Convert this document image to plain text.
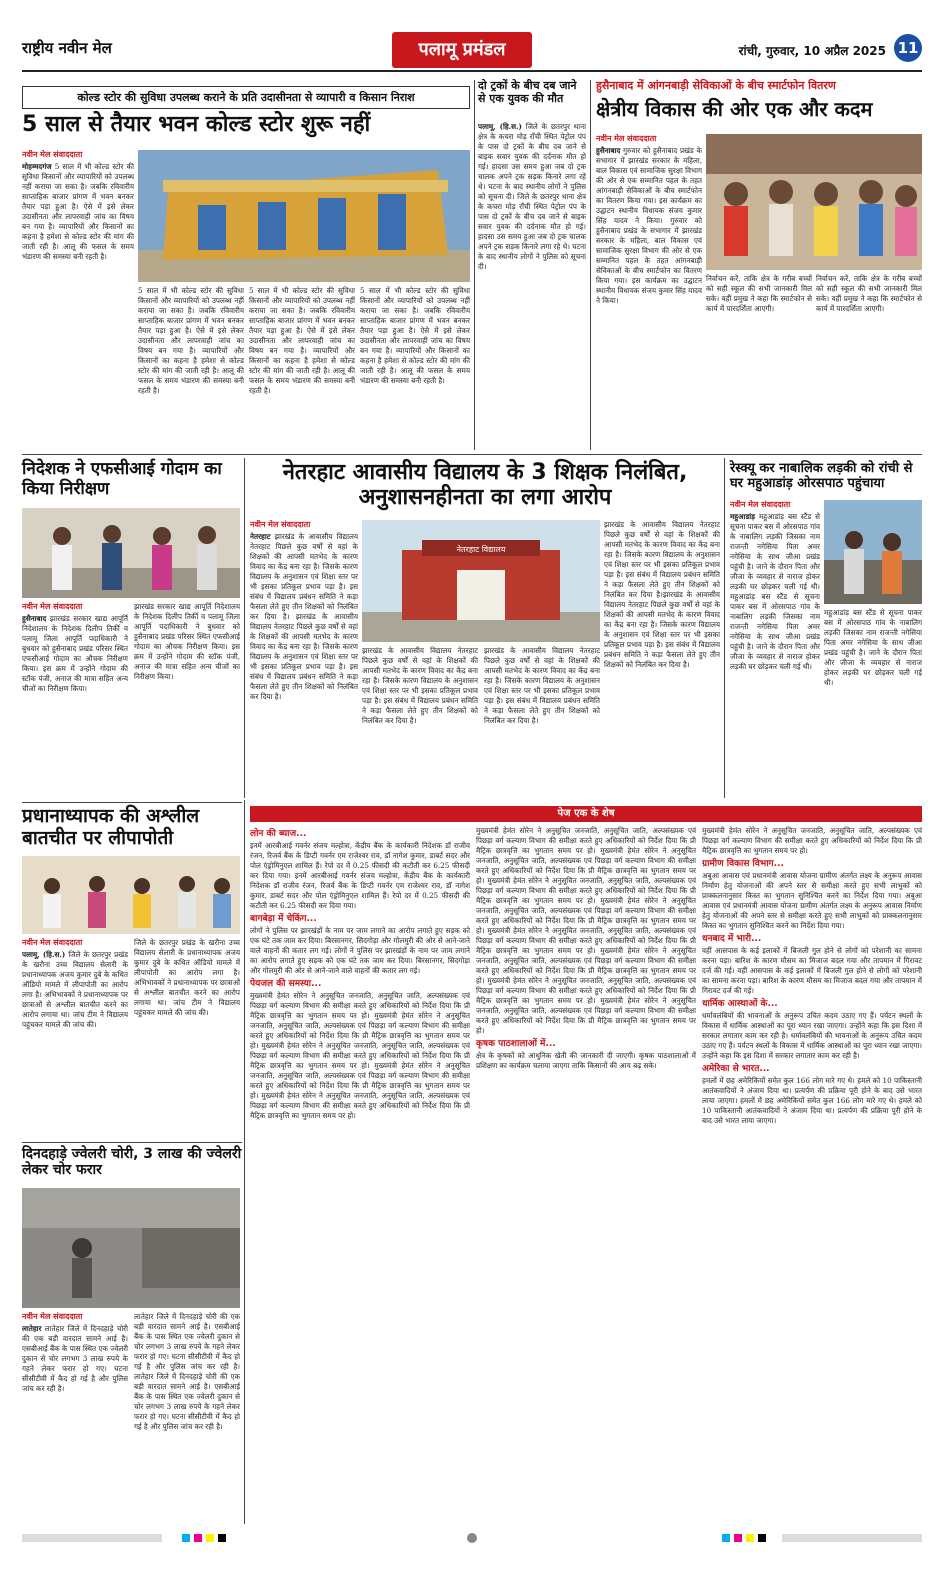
राष्ट्रीय नवीन मेल	पलामू प्रमंडल	रांची, गुरुवार, 10 अप्रैल 2025 11
कोल्ड स्टोर की सुविधा उपलब्ध कराने के प्रति उदासीनता से व्यापारी व किसान निराश
5 साल से तैयार भवन कोल्ड स्टोर शुरू नहीं
नवीन मेल संवाददाता
मोहम्मदगंज 5 साल में भी कोल्ड स्टोर की सुविधा किसानों और व्यापारियों को उपलब्ध नहीं कराया जा सका है। जबकि रविवारीय साप्ताहिक बाजार प्रांगण में भवन बनकर तैयार पड़ा हुआ है। ऐसे में इसे लेकर उदासीनता और लापरवाही जांच का विषय बन गया है। व्यापारियों और किसानों का कहना है हमेशा से कोल्ड स्टोर की मांग की जाती रही है। आलू की फसल के समय भंडारण की समस्या बनी रहती है।
5 साल में भी कोल्ड स्टोर की सुविधा किसानों और व्यापारियों को उपलब्ध नहीं कराया जा सका है। जबकि रविवारीय साप्ताहिक बाजार प्रांगण में भवन बनकर तैयार पड़ा हुआ है। ऐसे में इसे लेकर उदासीनता और लापरवाही जांच का विषय बन गया है। व्यापारियों और किसानों का कहना है हमेशा से कोल्ड स्टोर की मांग की जाती रही है। आलू की फसल के समय भंडारण की समस्या बनी रहती है।
5 साल में भी कोल्ड स्टोर की सुविधा किसानों और व्यापारियों को उपलब्ध नहीं कराया जा सका है। जबकि रविवारीय साप्ताहिक बाजार प्रांगण में भवन बनकर तैयार पड़ा हुआ है। ऐसे में इसे लेकर उदासीनता और लापरवाही जांच का विषय बन गया है। व्यापारियों और किसानों का कहना है हमेशा से कोल्ड स्टोर की मांग की जाती रही है। आलू की फसल के समय भंडारण की समस्या बनी रहती है।
5 साल में भी कोल्ड स्टोर की सुविधा किसानों और व्यापारियों को उपलब्ध नहीं कराया जा सका है। जबकि रविवारीय साप्ताहिक बाजार प्रांगण में भवन बनकर तैयार पड़ा हुआ है। ऐसे में इसे लेकर उदासीनता और लापरवाही जांच का विषय बन गया है। व्यापारियों और किसानों का कहना है हमेशा से कोल्ड स्टोर की मांग की जाती रही है। आलू की फसल के समय भंडारण की समस्या बनी रहती है।
दो ट्रकों के बीच दब जाने से एक युवक की मौत
पलामू, (हि.स.) जिले के छतरपुर थाना क्षेत्र के कचरा मोड़ राँची स्थित पेट्रोल पंप के पास दो ट्रकों के बीच दब जाने से बाइक सवार युवक की दर्दनाक मौत हो गई। हादसा उस समय हुआ जब दो ट्रक चालक अपने ट्रक सड़क किनारे लगा रहे थे। घटना के बाद स्थानीय लोगों ने पुलिस को सूचना दी। जिले के छतरपुर थाना क्षेत्र के कचरा मोड़ राँची स्थित पेट्रोल पंप के पास दो ट्रकों के बीच दब जाने से बाइक सवार युवक की दर्दनाक मौत हो गई। हादसा उस समय हुआ जब दो ट्रक चालक अपने ट्रक सड़क किनारे लगा रहे थे। घटना के बाद स्थानीय लोगों ने पुलिस को सूचना दी।
हुसैनाबाद में आंगनबाड़ी सेविकाओं के बीच स्मार्टफोन वितरण
क्षेत्रीय विकास की ओर एक और कदम
नवीन मेल संवाददाता
हुसैनाबाद गुरुवार को हुसैनाबाद प्रखंड के सभागार में झारखंड सरकार के महिला, बाल विकास एवं सामाजिक सुरक्षा विभाग की ओर से एक सम्मानित पहल के तहत आंगनबाड़ी सेविकाओं के बीच स्मार्टफोन का वितरण किया गया। इस कार्यक्रम का उद्घाटन स्थानीय विधायक संजय कुमार सिंह यादव ने किया। गुरुवार को हुसैनाबाद प्रखंड के सभागार में झारखंड सरकार के महिला, बाल विकास एवं सामाजिक सुरक्षा विभाग की ओर से एक सम्मानित पहल के तहत आंगनबाड़ी सेविकाओं के बीच स्मार्टफोन का वितरण किया गया। इस कार्यक्रम का उद्घाटन स्थानीय विधायक संजय कुमार सिंह यादव ने किया।
निर्वाचन करें, ताकि क्षेत्र के गरीब बच्चों को सही स्कूल की सभी जानकारी मिल सके। वहीं प्रमुख ने कहा कि स्मार्टफोन से कार्य में पारदर्शिता आएगी।
निर्वाचन करें, ताकि क्षेत्र के गरीब बच्चों को सही स्कूल की सभी जानकारी मिल सके। वहीं प्रमुख ने कहा कि स्मार्टफोन से कार्य में पारदर्शिता आएगी।
निदेशक ने एफसीआई गोदाम का किया निरीक्षण
नवीन मेल संवाददाता
हुसैनाबाद झारखंड सरकार खाद्य आपूर्ति निदेशालय के निदेशक दिलीप तिर्की व पलामू जिला आपूर्ति पदाधिकारी ने बुधवार को हुसैनाबाद प्रखंड परिसर स्थित एफसीआई गोदाम का औचक निरीक्षण किया। इस क्रम में उन्होंने गोदाम की स्टॉक पंजी, अनाज की मात्रा सहित अन्य चीजों का निरीक्षण किया।
झारखंड सरकार खाद्य आपूर्ति निदेशालय के निदेशक दिलीप तिर्की व पलामू जिला आपूर्ति पदाधिकारी ने बुधवार को हुसैनाबाद प्रखंड परिसर स्थित एफसीआई गोदाम का औचक निरीक्षण किया। इस क्रम में उन्होंने गोदाम की स्टॉक पंजी, अनाज की मात्रा सहित अन्य चीजों का निरीक्षण किया।
नेतरहाट आवासीय विद्यालय के 3 शिक्षक निलंबित, अनुशासनहीनता का लगा आरोप
नवीन मेल संवाददाता
नेतरहाट झारखंड के आवासीय विद्यालय नेतरहाट पिछले कुछ वर्षों से वहां के शिक्षकों की आपसी मतभेद के कारण विवाद का केंद्र बना रहा है। जिसके कारण विद्यालय के अनुशासन एवं शिक्षा स्तर पर भी इसका प्रतिकूल प्रभाव पड़ा है। इस संबंध में विद्यालय प्रबंधन समिति ने कड़ा फैसला लेते हुए तीन शिक्षकों को निलंबित कर दिया है। झारखंड के आवासीय विद्यालय नेतरहाट पिछले कुछ वर्षों से वहां के शिक्षकों की आपसी मतभेद के कारण विवाद का केंद्र बना रहा है। जिसके कारण विद्यालय के अनुशासन एवं शिक्षा स्तर पर भी इसका प्रतिकूल प्रभाव पड़ा है। इस संबंध में विद्यालय प्रबंधन समिति ने कड़ा फैसला लेते हुए तीन शिक्षकों को निलंबित कर दिया है।
नेतरहाट विद्यालय
झारखंड के आवासीय विद्यालय नेतरहाट पिछले कुछ वर्षों से वहां के शिक्षकों की आपसी मतभेद के कारण विवाद का केंद्र बना रहा है। जिसके कारण विद्यालय के अनुशासन एवं शिक्षा स्तर पर भी इसका प्रतिकूल प्रभाव पड़ा है। इस संबंध में विद्यालय प्रबंधन समिति ने कड़ा फैसला लेते हुए तीन शिक्षकों को निलंबित कर दिया है।
झारखंड के आवासीय विद्यालय नेतरहाट पिछले कुछ वर्षों से वहां के शिक्षकों की आपसी मतभेद के कारण विवाद का केंद्र बना रहा है। जिसके कारण विद्यालय के अनुशासन एवं शिक्षा स्तर पर भी इसका प्रतिकूल प्रभाव पड़ा है। इस संबंध में विद्यालय प्रबंधन समिति ने कड़ा फैसला लेते हुए तीन शिक्षकों को निलंबित कर दिया है।
झारखंड के आवासीय विद्यालय नेतरहाट पिछले कुछ वर्षों से वहां के शिक्षकों की आपसी मतभेद के कारण विवाद का केंद्र बना रहा है। जिसके कारण विद्यालय के अनुशासन एवं शिक्षा स्तर पर भी इसका प्रतिकूल प्रभाव पड़ा है। इस संबंध में विद्यालय प्रबंधन समिति ने कड़ा फैसला लेते हुए तीन शिक्षकों को निलंबित कर दिया है।झारखंड के आवासीय विद्यालय नेतरहाट पिछले कुछ वर्षों से वहां के शिक्षकों की आपसी मतभेद के कारण विवाद का केंद्र बना रहा है। जिसके कारण विद्यालय के अनुशासन एवं शिक्षा स्तर पर भी इसका प्रतिकूल प्रभाव पड़ा है। इस संबंध में विद्यालय प्रबंधन समिति ने कड़ा फैसला लेते हुए तीन शिक्षकों को निलंबित कर दिया है।
रेस्क्यू कर नाबालिक लड़की को रांची से घर महुआडांड़ ओरसपाठ पहुंचाया
नवीन मेल संवाददाता
महुआडांड़ महुआडांड़ बस स्टैंड से सूचना पाकर बस में ओरसपाठ गांव के नाबालिग लड़की जिसका नाम राजन्ती नगेसिया पिता अमर नगेसिया के साथ जीआ प्रखंड पहुंची है। जाने के दौरान पिता और जीजा के व्यवहार से नाराज होकर लड़की घर छोड़कर चली गई थी। महुआडांड़ बस स्टैंड से सूचना पाकर बस में ओरसपाठ गांव के नाबालिग लड़की जिसका नाम राजन्ती नगेसिया पिता अमर नगेसिया के साथ जीआ प्रखंड पहुंची है। जाने के दौरान पिता और जीजा के व्यवहार से नाराज होकर लड़की घर छोड़कर चली गई थी।
महुआडांड़ बस स्टैंड से सूचना पाकर बस में ओरसपाठ गांव के नाबालिग लड़की जिसका नाम राजन्ती नगेसिया पिता अमर नगेसिया के साथ जीआ प्रखंड पहुंची है। जाने के दौरान पिता और जीजा के व्यवहार से नाराज होकर लड़की घर छोड़कर चली गई थी।
प्रधानाध्यापक की अश्लील बातचीत पर लीपापोती
नवीन मेल संवाददाता
पलामू, (हि.स.) जिले के छतरपुर प्रखंड के खरौना उच्च विद्यालय सेलारी के प्रधानाध्यापक अजय कुमार दुबे के कथित ऑडियो मामले में लीपापोती का आरोप लगा है। अभिभावकों ने प्रधानाध्यापक पर छात्राओं से अश्लील बातचीत करने का आरोप लगाया था। जांच टीम ने विद्यालय पहुंचकर मामले की जांच की।
जिले के छतरपुर प्रखंड के खरौना उच्च विद्यालय सेलारी के प्रधानाध्यापक अजय कुमार दुबे के कथित ऑडियो मामले में लीपापोती का आरोप लगा है। अभिभावकों ने प्रधानाध्यापक पर छात्राओं से अश्लील बातचीत करने का आरोप लगाया था। जांच टीम ने विद्यालय पहुंचकर मामले की जांच की।
दिनदहाड़े ज्वेलरी चोरी, 3 लाख की ज्वेलरी लेकर चोर फरार
नवीन मेल संवाददाता
लातेहार लातेहार जिले में दिनदहाड़े चोरी की एक बड़ी वारदात सामने आई है। एसबीआई बैंक के पास स्थित एक ज्वेलरी दुकान से चोर लगभग 3 लाख रुपये के गहने लेकर फरार हो गए। घटना सीसीटीवी में कैद हो गई है और पुलिस जांच कर रही है।
लातेहार जिले में दिनदहाड़े चोरी की एक बड़ी वारदात सामने आई है। एसबीआई बैंक के पास स्थित एक ज्वेलरी दुकान से चोर लगभग 3 लाख रुपये के गहने लेकर फरार हो गए। घटना सीसीटीवी में कैद हो गई है और पुलिस जांच कर रही है।लातेहार जिले में दिनदहाड़े चोरी की एक बड़ी वारदात सामने आई है। एसबीआई बैंक के पास स्थित एक ज्वेलरी दुकान से चोर लगभग 3 लाख रुपये के गहने लेकर फरार हो गए। घटना सीसीटीवी में कैद हो गई है और पुलिस जांच कर रही है।
पेज एक के शेष
लोन की ब्याज...
इनमें आरबीआई गवर्नर संजय मल्होत्रा, केंद्रीय बैंक के कार्यकारी निदेशक डॉ राजीव रंजन, रिजर्व बैंक के डिप्टी गवर्नर एम राजेश्वर राव, डॉ नागेश कुमार, डाबर्ट सदर और पोल एंड्रोमिनुएल शामिल हैं। रेपो दर में 0.25 फीसदी की कटौती कर 6.25 फीसदी कर दिया गया। इनमें आरबीआई गवर्नर संजय मल्होत्रा, केंद्रीय बैंक के कार्यकारी निदेशक डॉ राजीव रंजन, रिजर्व बैंक के डिप्टी गवर्नर एम राजेश्वर राव, डॉ नागेश कुमार, डाबर्ट सदर और पोल एंड्रोमिनुएल शामिल हैं। रेपो दर में 0.25 फीसदी की कटौती कर 6.25 फीसदी कर दिया गया।
बागबेड़ा में चेकिंग...
लोगों ने पुलिस पर झारखंड़ों के नाम पर जाम लगाने का आरोप लगाते हुए सड़क को एक घंटे तक जाम कर दिया। बिरसानगर, सिदगोड़ा और गोलमुरी की ओर से आने-जाने वाले वाहनों की कतार लग गई। लोगों ने पुलिस पर झारखंड़ों के नाम पर जाम लगाने का आरोप लगाते हुए सड़क को एक घंटे तक जाम कर दिया। बिरसानगर, सिदगोड़ा और गोलमुरी की ओर से आने-जाने वाले वाहनों की कतार लग गई।
पेयजल की समस्या...
मुख्यमंत्री हेमंत सोरेन ने अनुसूचित जनजाति, अनुसूचित जाति, अल्पसंख्यक एवं पिछड़ा वर्ग कल्याण विभाग की समीक्षा करते हुए अधिकारियों को निर्देश दिया कि प्री मैट्रिक छात्रवृत्ति का भुगतान समय पर हो। मुख्यमंत्री हेमंत सोरेन ने अनुसूचित जनजाति, अनुसूचित जाति, अल्पसंख्यक एवं पिछड़ा वर्ग कल्याण विभाग की समीक्षा करते हुए अधिकारियों को निर्देश दिया कि प्री मैट्रिक छात्रवृत्ति का भुगतान समय पर हो। मुख्यमंत्री हेमंत सोरेन ने अनुसूचित जनजाति, अनुसूचित जाति, अल्पसंख्यक एवं पिछड़ा वर्ग कल्याण विभाग की समीक्षा करते हुए अधिकारियों को निर्देश दिया कि प्री मैट्रिक छात्रवृत्ति का भुगतान समय पर हो। मुख्यमंत्री हेमंत सोरेन ने अनुसूचित जनजाति, अनुसूचित जाति, अल्पसंख्यक एवं पिछड़ा वर्ग कल्याण विभाग की समीक्षा करते हुए अधिकारियों को निर्देश दिया कि प्री मैट्रिक छात्रवृत्ति का भुगतान समय पर हो। मुख्यमंत्री हेमंत सोरेन ने अनुसूचित जनजाति, अनुसूचित जाति, अल्पसंख्यक एवं पिछड़ा वर्ग कल्याण विभाग की समीक्षा करते हुए अधिकारियों को निर्देश दिया कि प्री मैट्रिक छात्रवृत्ति का भुगतान समय पर हो।
मुख्यमंत्री हेमंत सोरेन ने अनुसूचित जनजाति, अनुसूचित जाति, अल्पसंख्यक एवं पिछड़ा वर्ग कल्याण विभाग की समीक्षा करते हुए अधिकारियों को निर्देश दिया कि प्री मैट्रिक छात्रवृत्ति का भुगतान समय पर हो। मुख्यमंत्री हेमंत सोरेन ने अनुसूचित जनजाति, अनुसूचित जाति, अल्पसंख्यक एवं पिछड़ा वर्ग कल्याण विभाग की समीक्षा करते हुए अधिकारियों को निर्देश दिया कि प्री मैट्रिक छात्रवृत्ति का भुगतान समय पर हो। मुख्यमंत्री हेमंत सोरेन ने अनुसूचित जनजाति, अनुसूचित जाति, अल्पसंख्यक एवं पिछड़ा वर्ग कल्याण विभाग की समीक्षा करते हुए अधिकारियों को निर्देश दिया कि प्री मैट्रिक छात्रवृत्ति का भुगतान समय पर हो। मुख्यमंत्री हेमंत सोरेन ने अनुसूचित जनजाति, अनुसूचित जाति, अल्पसंख्यक एवं पिछड़ा वर्ग कल्याण विभाग की समीक्षा करते हुए अधिकारियों को निर्देश दिया कि प्री मैट्रिक छात्रवृत्ति का भुगतान समय पर हो। मुख्यमंत्री हेमंत सोरेन ने अनुसूचित जनजाति, अनुसूचित जाति, अल्पसंख्यक एवं पिछड़ा वर्ग कल्याण विभाग की समीक्षा करते हुए अधिकारियों को निर्देश दिया कि प्री मैट्रिक छात्रवृत्ति का भुगतान समय पर हो। मुख्यमंत्री हेमंत सोरेन ने अनुसूचित जनजाति, अनुसूचित जाति, अल्पसंख्यक एवं पिछड़ा वर्ग कल्याण विभाग की समीक्षा करते हुए अधिकारियों को निर्देश दिया कि प्री मैट्रिक छात्रवृत्ति का भुगतान समय पर हो। मुख्यमंत्री हेमंत सोरेन ने अनुसूचित जनजाति, अनुसूचित जाति, अल्पसंख्यक एवं पिछड़ा वर्ग कल्याण विभाग की समीक्षा करते हुए अधिकारियों को निर्देश दिया कि प्री मैट्रिक छात्रवृत्ति का भुगतान समय पर हो। मुख्यमंत्री हेमंत सोरेन ने अनुसूचित जनजाति, अनुसूचित जाति, अल्पसंख्यक एवं पिछड़ा वर्ग कल्याण विभाग की समीक्षा करते हुए अधिकारियों को निर्देश दिया कि प्री मैट्रिक छात्रवृत्ति का भुगतान समय पर हो।
कृषक पाठशालाओं में...
क्षेत्र के कृषकों को आधुनिक खेती की जानकारी दी जाएगी। कृषक पाठशालाओं में प्रशिक्षण का कार्यक्रम चलाया जाएगा ताकि किसानों की आय बढ़ सके।
मुख्यमंत्री हेमंत सोरेन ने अनुसूचित जनजाति, अनुसूचित जाति, अल्पसंख्यक एवं पिछड़ा वर्ग कल्याण विभाग की समीक्षा करते हुए अधिकारियों को निर्देश दिया कि प्री मैट्रिक छात्रवृत्ति का भुगतान समय पर हो।
ग्रामीण विकास विभाग...
अबुआ आवास एवं प्रधानमंत्री आवास योजना ग्रामीण अंतर्गत लक्ष्य के अनुरूप आवास निर्माण हेतु योजनाओं की अपने स्तर से समीक्षा करते हुए सभी लाभुकों को प्राक्कलनानुसार किस्त का भुगतान सुनिश्चित करने का निर्देश दिया गया। अबुआ आवास एवं प्रधानमंत्री आवास योजना ग्रामीण अंतर्गत लक्ष्य के अनुरूप आवास निर्माण हेतु योजनाओं की अपने स्तर से समीक्षा करते हुए सभी लाभुकों को प्राक्कलनानुसार किस्त का भुगतान सुनिश्चित करने का निर्देश दिया गया।
धनबाद में भारी...
वहीं आसपास के कई इलाकों में बिजली गुल होने से लोगों को परेशानी का सामना करना पड़ा। बारिश के कारण मौसम का मिजाज बदल गया और तापमान में गिरावट दर्ज की गई। वहीं आसपास के कई इलाकों में बिजली गुल होने से लोगों को परेशानी का सामना करना पड़ा। बारिश के कारण मौसम का मिजाज बदल गया और तापमान में गिरावट दर्ज की गई।
धार्मिक आस्थाओं के...
धर्मावलंबियों की भावनाओं के अनुरूप उचित कदम उठाए गए हैं। पर्यटन स्थलों के विकास में धार्मिक आस्थाओं का पूरा ध्यान रखा जाएगा। उन्होंने कहा कि इस दिशा में सरकार लगातार काम कर रही है। धर्मावलंबियों की भावनाओं के अनुरूप उचित कदम उठाए गए हैं। पर्यटन स्थलों के विकास में धार्मिक आस्थाओं का पूरा ध्यान रखा जाएगा। उन्होंने कहा कि इस दिशा में सरकार लगातार काम कर रही है।
अमेरिका से भारत...
हमलों में छह अमेरिकियों समेत कुल 166 लोग मारे गए थे। हमले को 10 पाकिस्तानी आतंकवादियों ने अंजाम दिया था। प्रत्यर्पण की प्रक्रिया पूरी होने के बाद उसे भारत लाया जाएगा। हमलों में छह अमेरिकियों समेत कुल 166 लोग मारे गए थे। हमले को 10 पाकिस्तानी आतंकवादियों ने अंजाम दिया था। प्रत्यर्पण की प्रक्रिया पूरी होने के बाद उसे भारत लाया जाएगा।
